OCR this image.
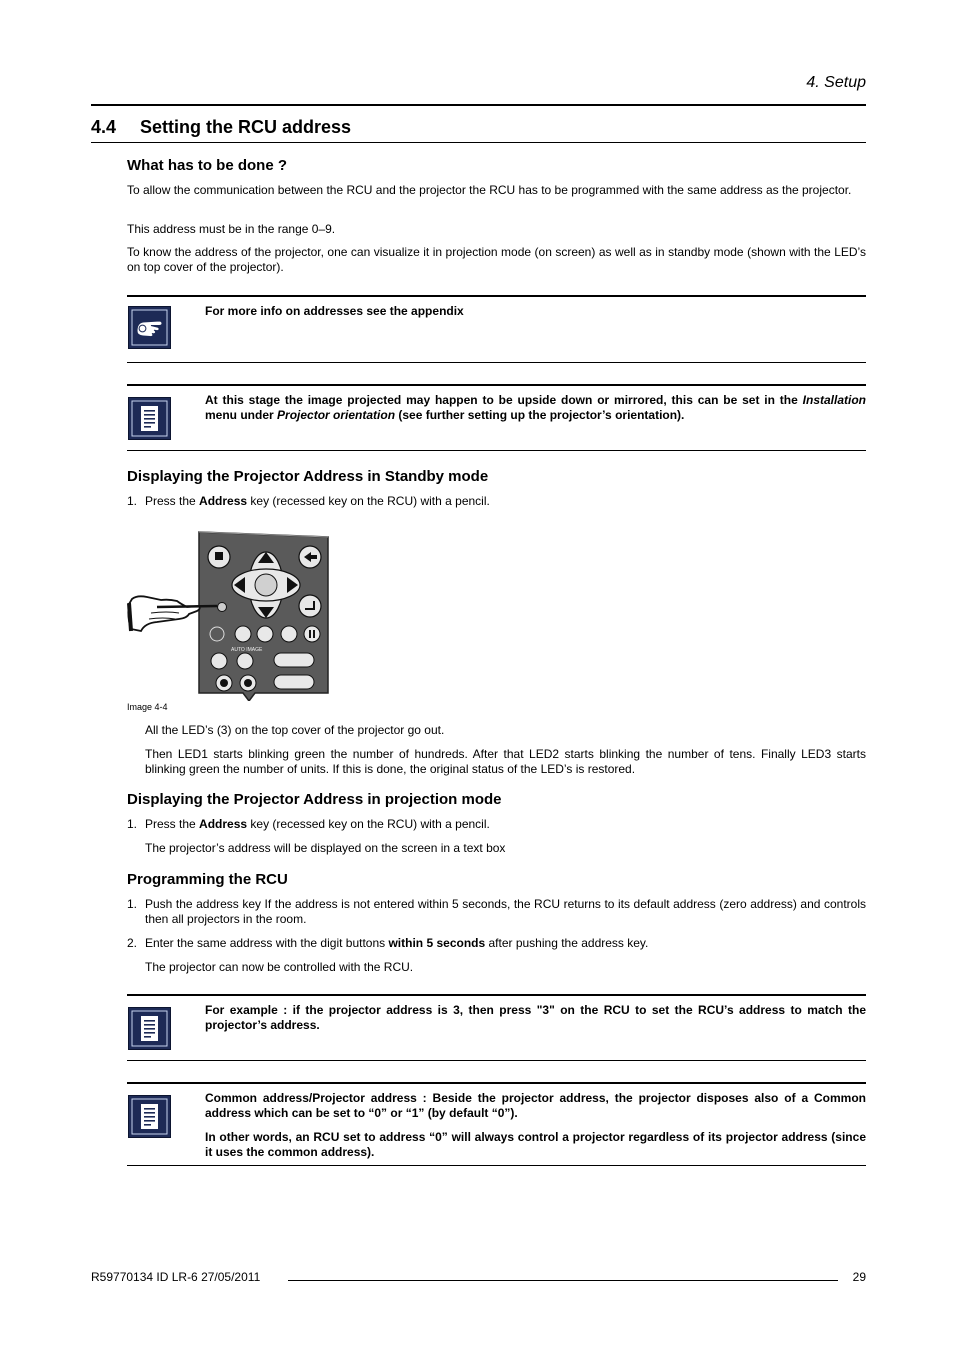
4. Setup
4.4 Setting the RCU address
What has to be done ?

To allow the communication between the RCU and the projector the RCU has to be programmed with the same address as the projector.

This address must be in the range 0–9.

To know the address of the projector, one can visualize it in projection mode (on screen) as well as in standby mode (shown with the LED’s on top cover of the projector).

For more info on addresses see the appendix
At this stage the image projected may happen to be upside down or mirrored, this can be set in the Installation menu under Projector orientation (see further setting up the projector’s orientation).
Displaying the Projector Address in Standby mode
1. Press the Address key (recessed key on the RCU) with a pencil.
AUTO IMAGE
Image 4-4

All the LED’s (3) on the top cover of the projector go out.

Then LED1 starts blinking green the number of hundreds. After that LED2 starts blinking the number of tens. Finally LED3 starts blinking green the number of units. If this is done, the original status of the LED’s is restored.

Displaying the Projector Address in projection mode
1. Press the Address key (recessed key on the RCU) with a pencil.

The projector’s address will be displayed on the screen in a text box

Programming the RCU
1. Push the address key If the address is not entered within 5 seconds, the RCU returns to its default address (zero address) and controls then all projectors in the room.
2. Enter the same address with the digit buttons within 5 seconds after pushing the address key.

The projector can now be controlled with the RCU.

For example : if the projector address is 3, then press "3" on the RCU to set the RCU’s address to match the projector’s address.

Common address/Projector address : Beside the projector address, the projector disposes also of a Common address which can be set to “0” or “1” (by default “0”).

In other words, an RCU set to address “0” will always control a projector regardless of its projector address (since it uses the common address).

R59770134 ID LR-6 27/05/2011	29
